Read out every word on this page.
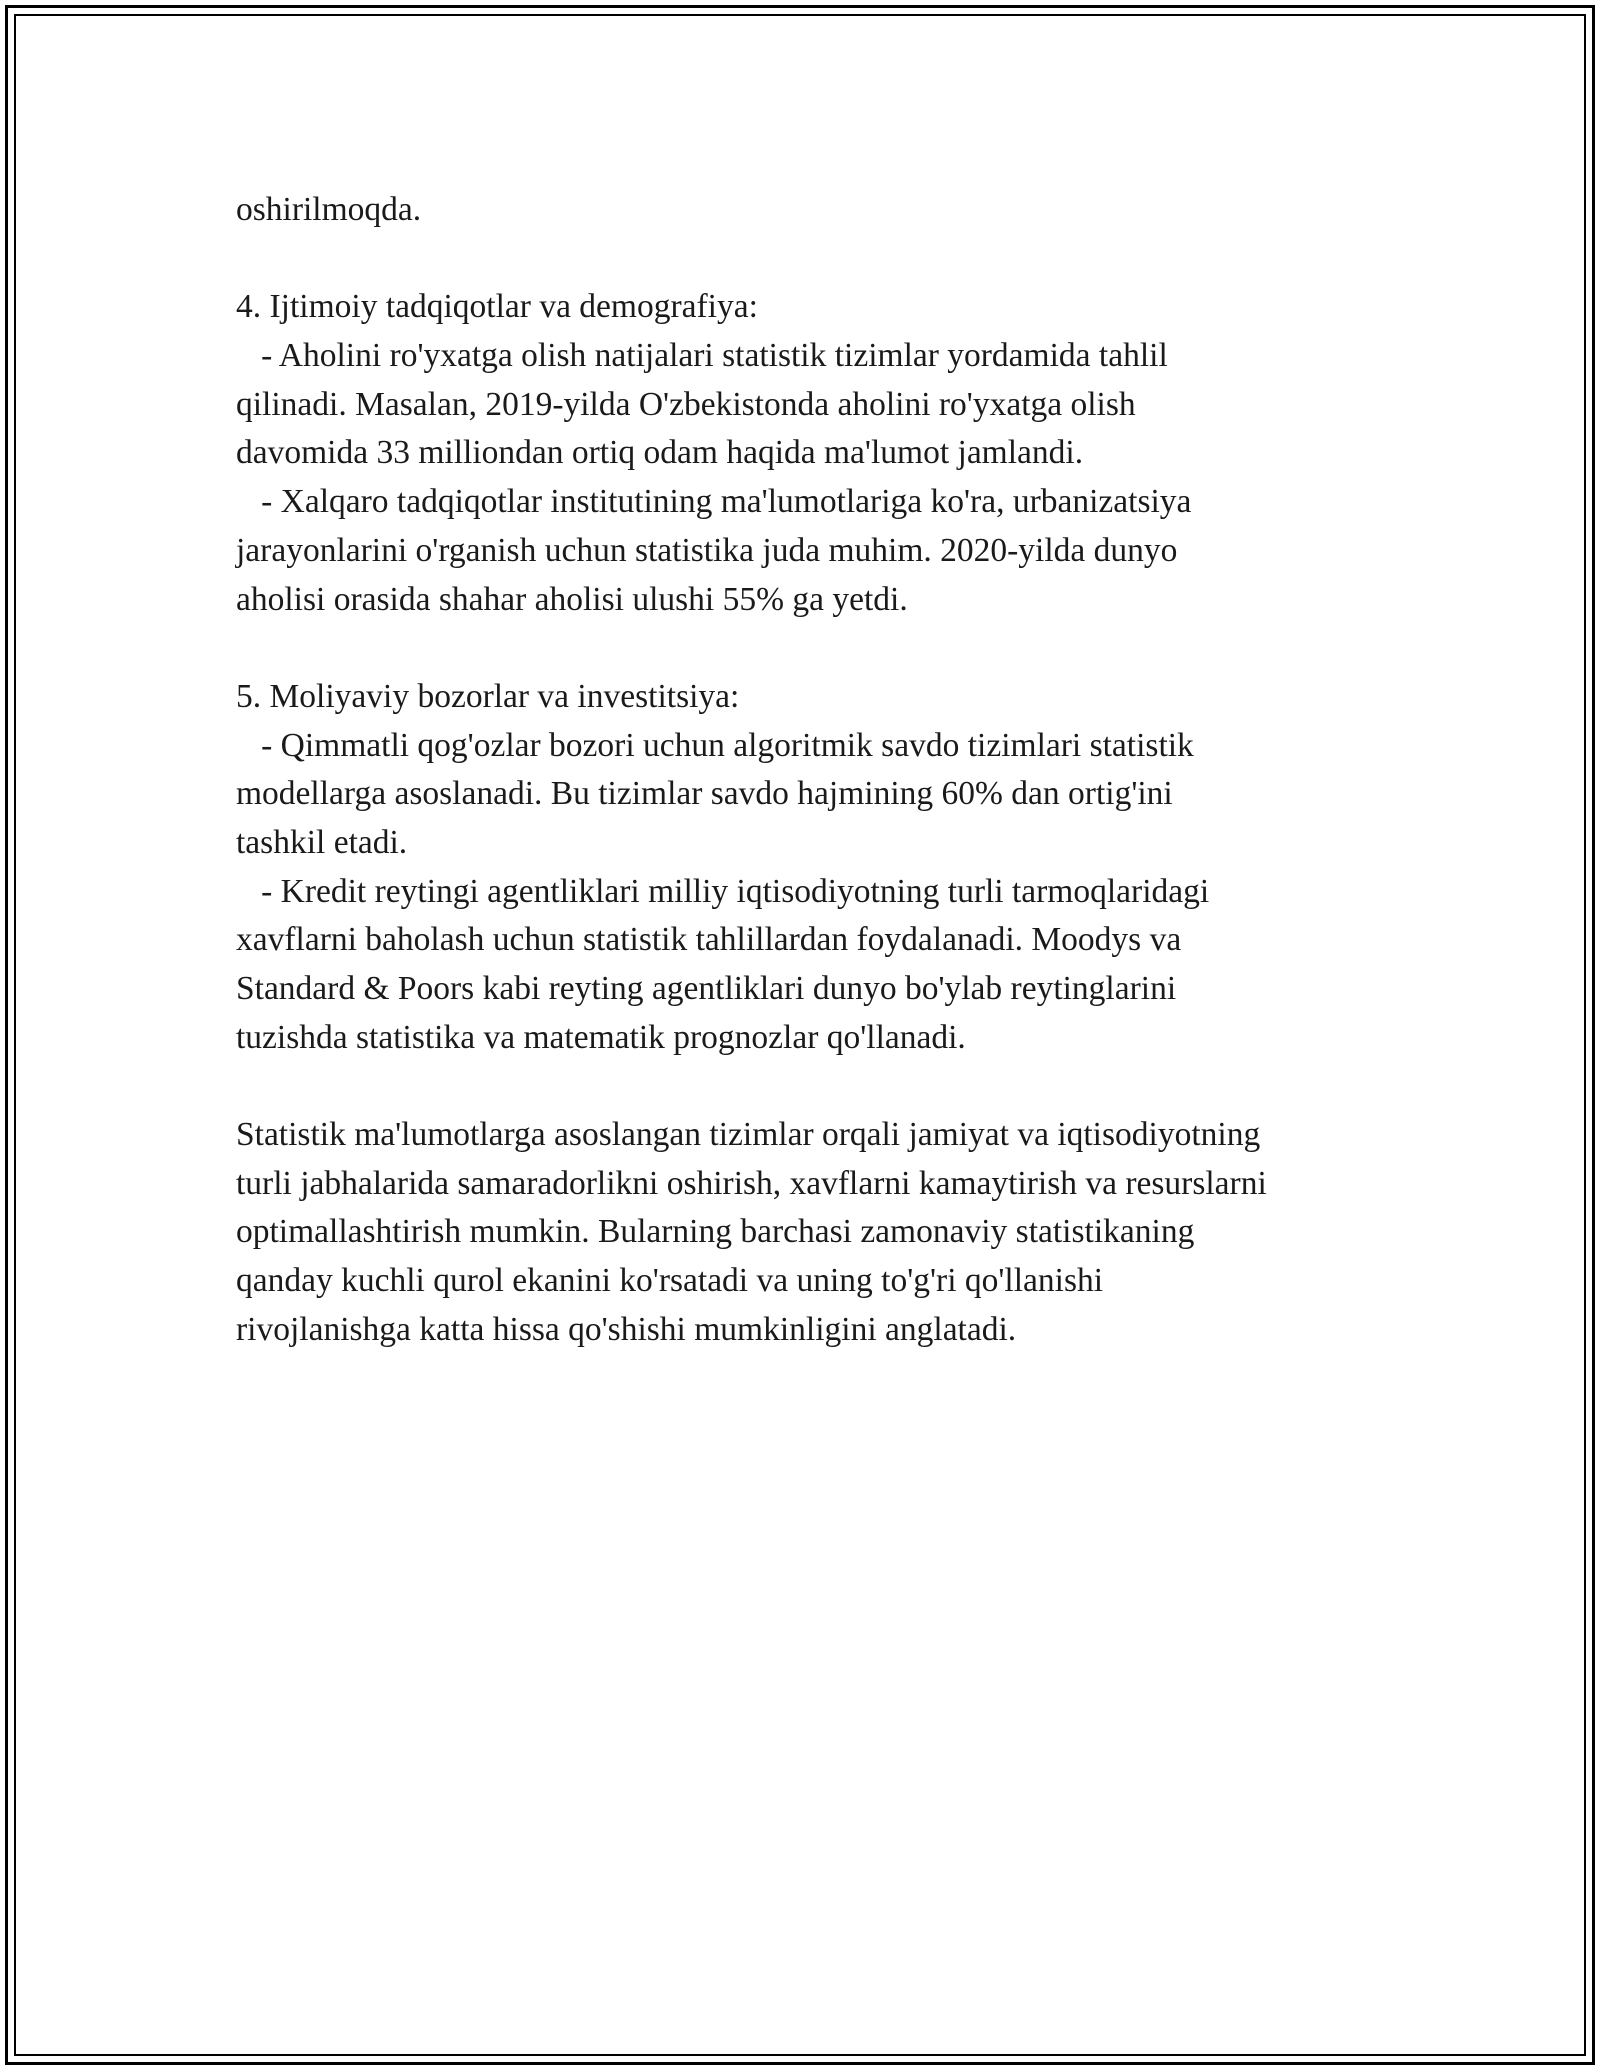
oshirilmoqda.
4. Ijtimoiy tadqiqotlar va demografiya:
- Aholini ro'yxatga olish natijalari statistik tizimlar yordamida tahlil
qilinadi. Masalan, 2019-yilda O'zbekistonda aholini ro'yxatga olish
davomida 33 milliondan ortiq odam haqida ma'lumot jamlandi.
- Xalqaro tadqiqotlar institutining ma'lumotlariga ko'ra, urbanizatsiya
jarayonlarini o'rganish uchun statistika juda muhim. 2020-yilda dunyo
aholisi orasida shahar aholisi ulushi 55% ga yetdi.
5. Moliyaviy bozorlar va investitsiya:
- Qimmatli qog'ozlar bozori uchun algoritmik savdo tizimlari statistik
modellarga asoslanadi. Bu tizimlar savdo hajmining 60% dan ortig'ini
tashkil etadi.
- Kredit reytingi agentliklari milliy iqtisodiyotning turli tarmoqlaridagi
xavflarni baholash uchun statistik tahlillardan foydalanadi. Moodys va
Standard & Poors kabi reyting agentliklari dunyo bo'ylab reytinglarini
tuzishda statistika va matematik prognozlar qo'llanadi.
Statistik ma'lumotlarga asoslangan tizimlar orqali jamiyat va iqtisodiyotning
turli jabhalarida samaradorlikni oshirish, xavflarni kamaytirish va resurslarni
optimallashtirish mumkin. Bularning barchasi zamonaviy statistikaning
qanday kuchli qurol ekanini ko'rsatadi va uning to'g'ri qo'llanishi
rivojlanishga katta hissa qo'shishi mumkinligini anglatadi.
